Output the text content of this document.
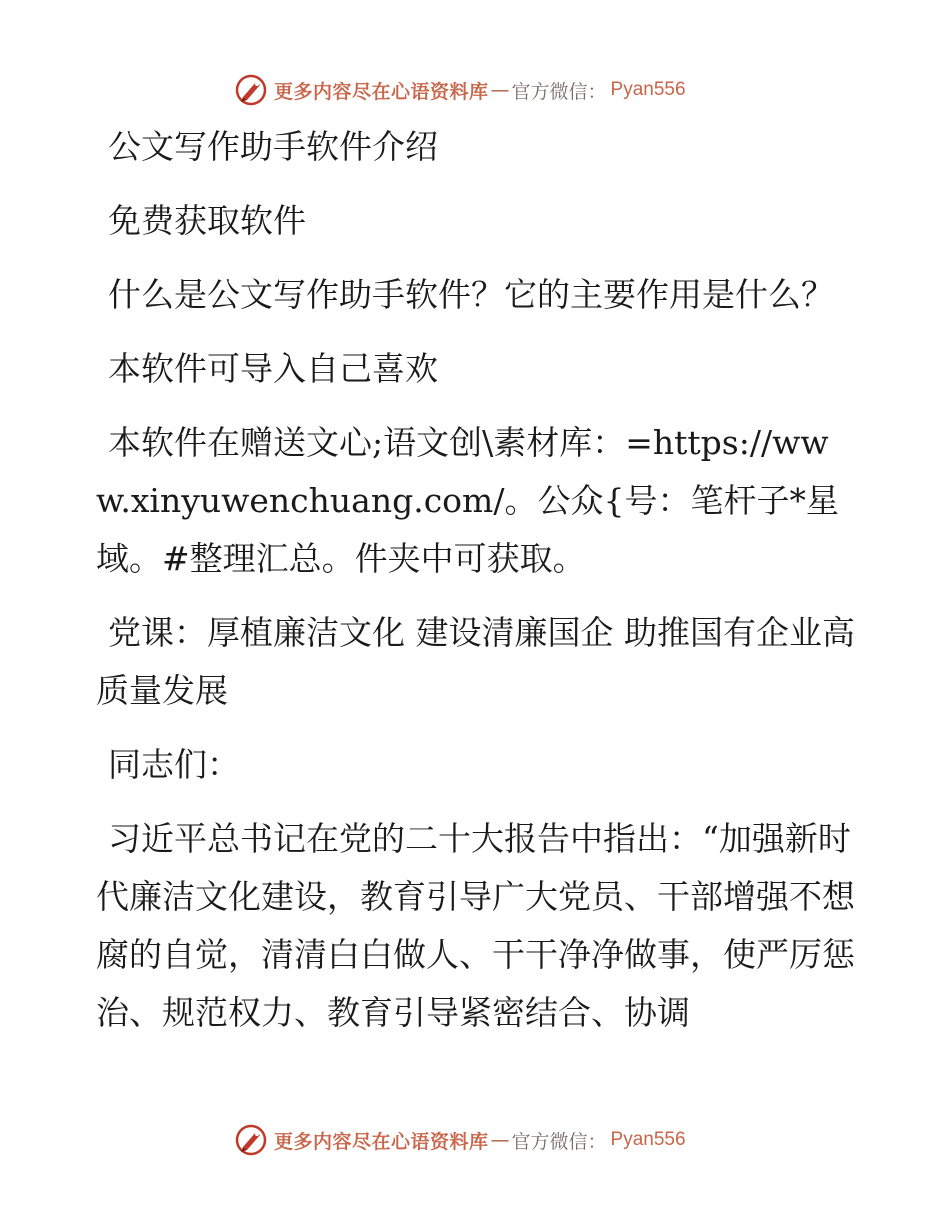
更多内容尽在心语资料库 — 官方微信： Pyan556

公文写作助手软件介绍

免费获取软件

什么是公文写作助手软件？它的主要作用是什么？

本软件可导入自己喜欢

本软件在赠送文心;语文创\素材库：=https://www.xinyuwenchuang.com/。公众{号：笔杆子*星域。#整理汇总。件夹中可获取。

党课：厚植廉洁文化 建设清廉国企 助推国有企业高质量发展

同志们：

习近平总书记在党的二十大报告中指出：“加强新时代廉洁文化建设，教育引导广大党员、干部增强不想腐的自觉，清清白白做人、干干净净做事，使严厉惩治、规范权力、教育引导紧密结合、协调

更多内容尽在心语资料库 — 官方微信： Pyan556
